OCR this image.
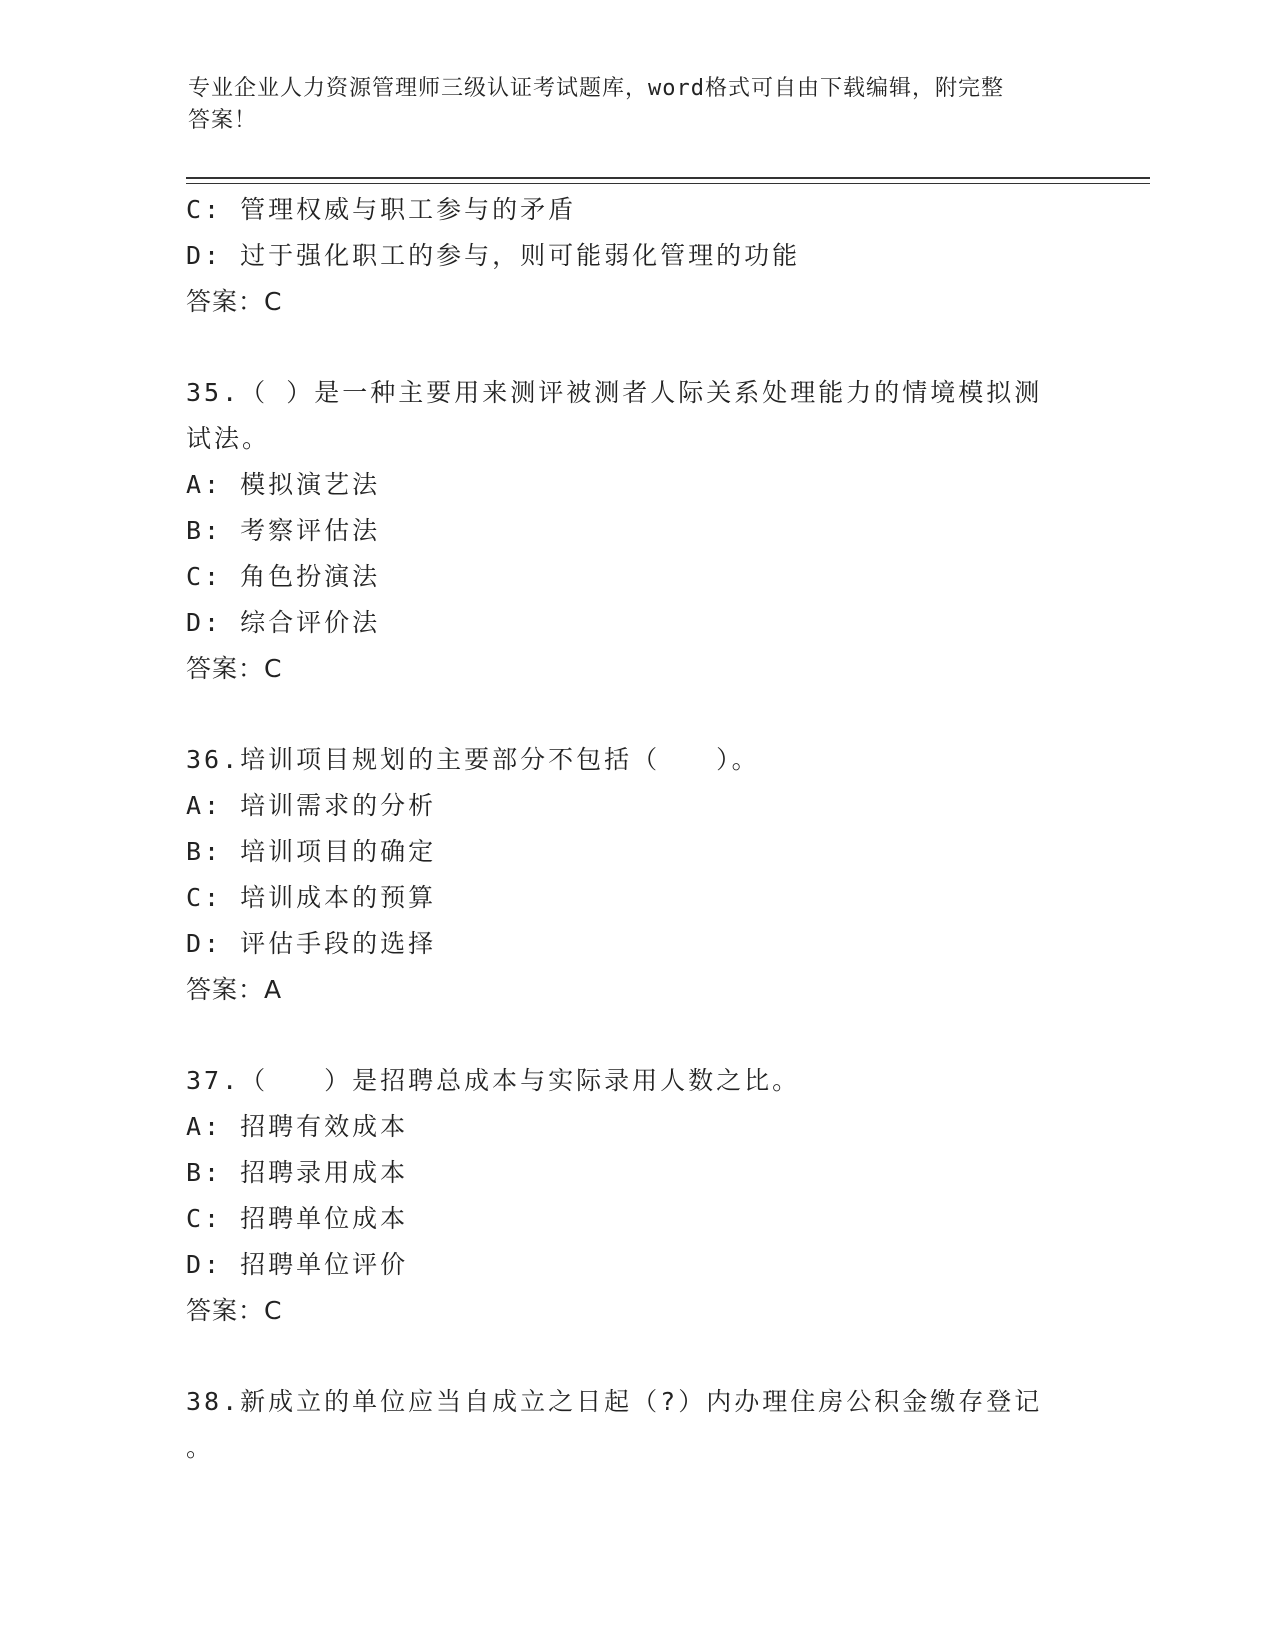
专业企业人力资源管理师三级认证考试题库，word格式可自由下载编辑，附完整
答案！
C: 管理权威与职工参与的矛盾
D: 过于强化职工的参与，则可能弱化管理的功能
答案：C
35.（ ）是一种主要用来测评被测者人际关系处理能力的情境模拟测
试法。
A: 模拟演艺法
B: 考察评估法
C: 角色扮演法
D: 综合评价法
答案：C
36.培训项目规划的主要部分不包括（　　）。
A: 培训需求的分析
B: 培训项目的确定
C: 培训成本的预算
D: 评估手段的选择
答案：A
37.（　　）是招聘总成本与实际录用人数之比。
A: 招聘有效成本
B: 招聘录用成本
C: 招聘单位成本
D: 招聘单位评价
答案：C
38.新成立的单位应当自成立之日起（?）内办理住房公积金缴存登记
。
